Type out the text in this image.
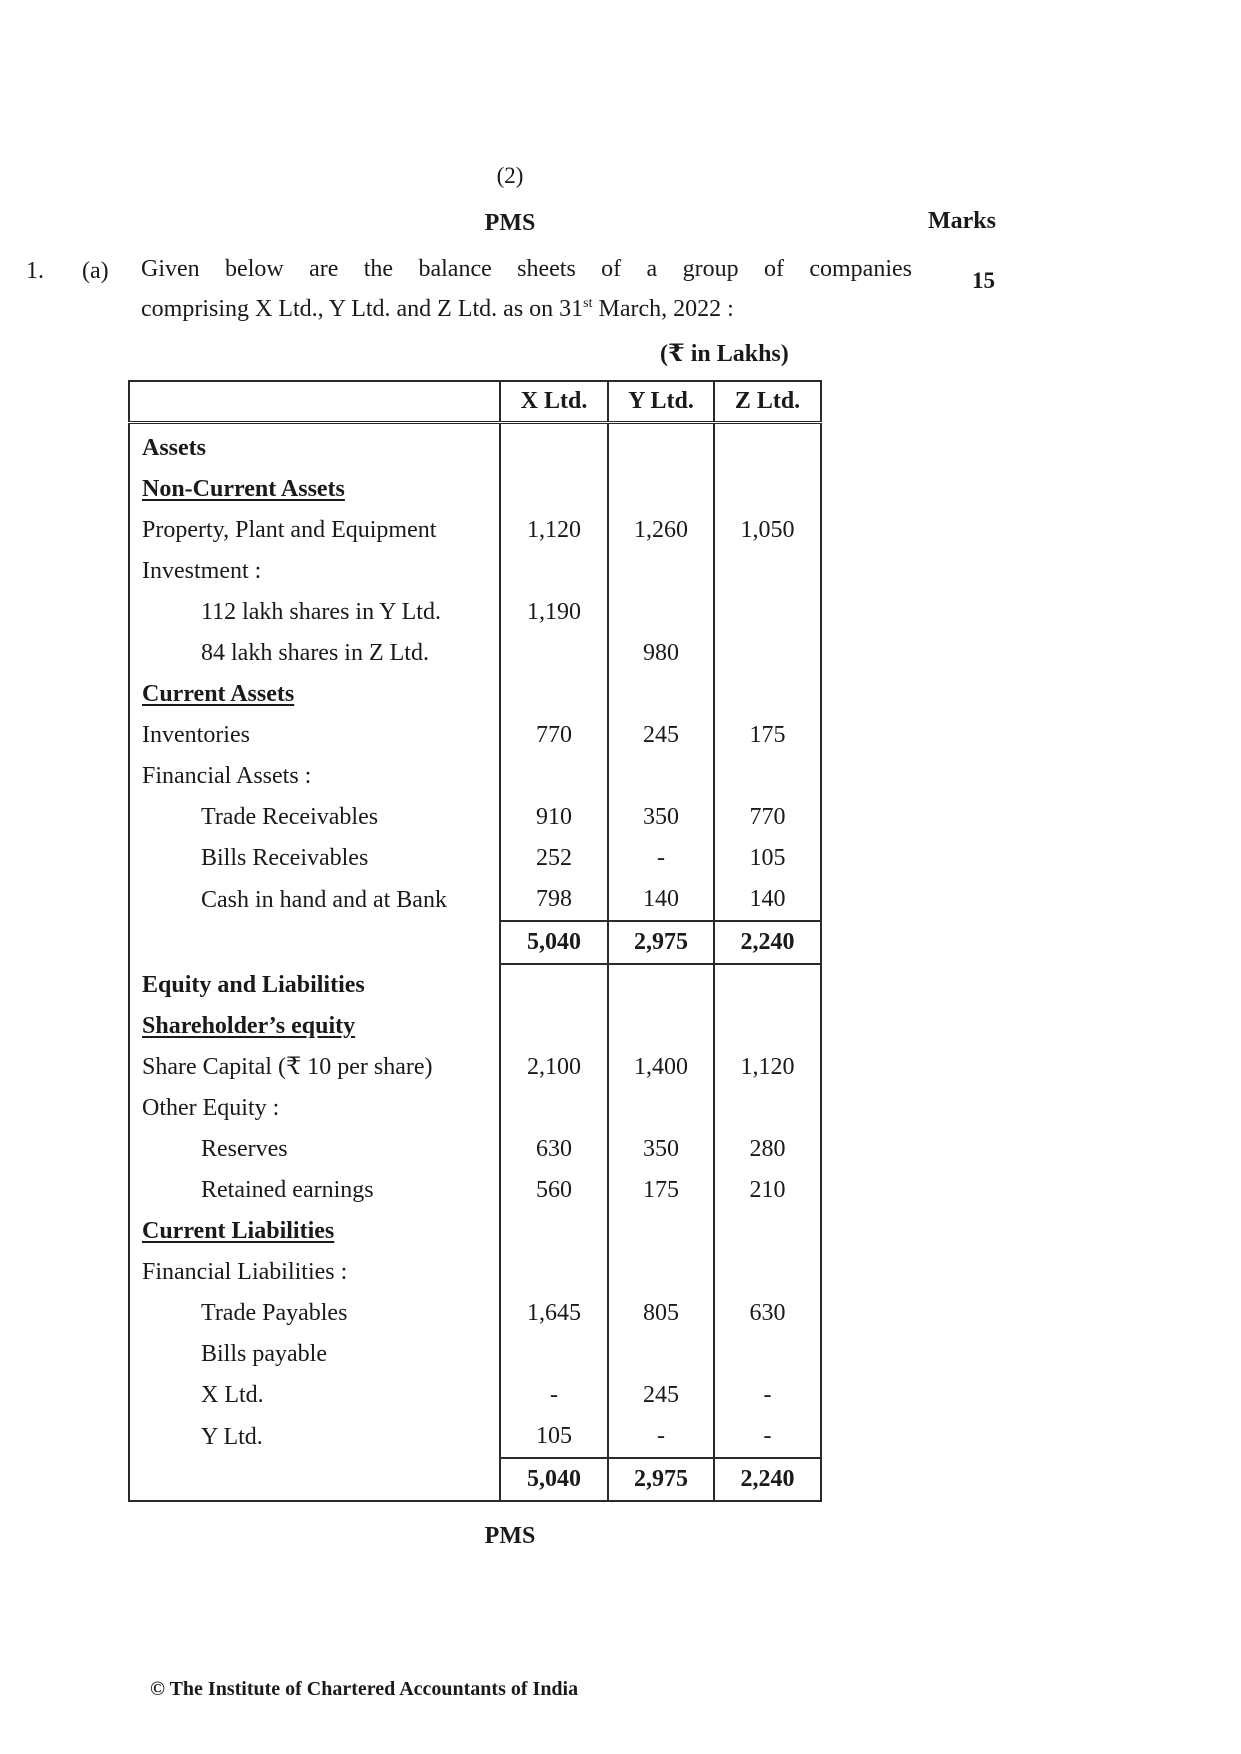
(2)
PMS	Marks
1. (a) Given below are the balance sheets of a group of companies
comprising X Ltd., Y Ltd. and Z Ltd. as on 31st March, 2022 :
15
(₹ in Lakhs)
	X Ltd.	Y Ltd.	Z Ltd.
Assets			
Non-Current Assets			
Property, Plant and Equipment	1,120	1,260	1,050
Investment :			
112 lakh shares in Y Ltd.	1,190		
84 lakh shares in Z Ltd.		980	
Current Assets			
Inventories	770	245	175
Financial Assets :			
Trade Receivables	910	350	770
Bills Receivables	252	-	105
Cash in hand and at Bank	798	140	140
	5,040	2,975	2,240
Equity and Liabilities			
Shareholder’s equity			
Share Capital (₹ 10 per share)	2,100	1,400	1,120
Other Equity :			
Reserves	630	350	280
Retained earnings	560	175	210
Current Liabilities			
Financial Liabilities :			
Trade Payables	1,645	805	630
Bills payable			
X Ltd.	-	245	-
Y Ltd.	105	-	-
	5,040	2,975	2,240
PMS
© The Institute of Chartered Accountants of India
